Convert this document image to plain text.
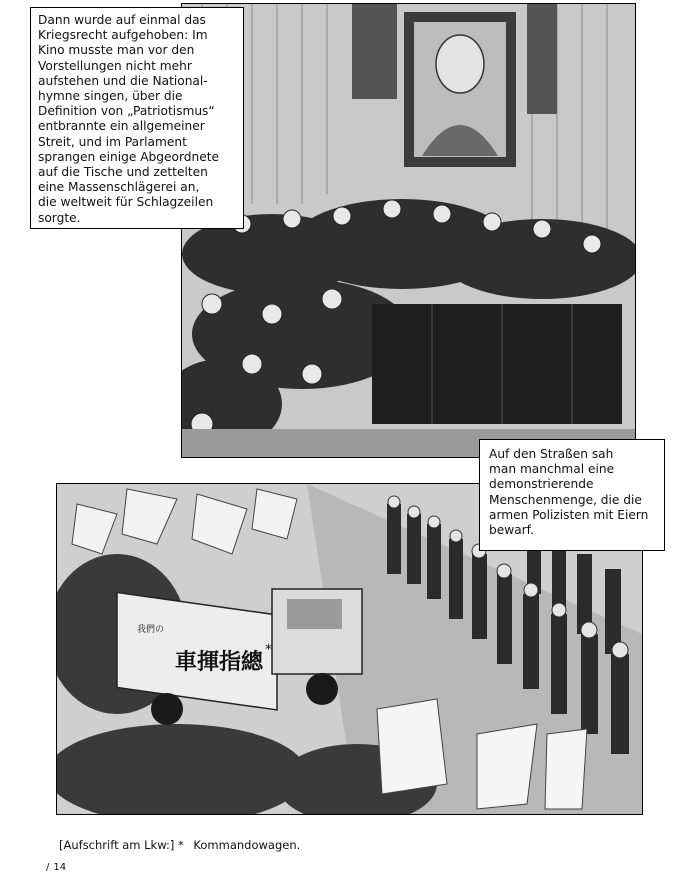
我們の
車揮指總 *
Dann wurde auf einmal das
Kriegsrecht aufgehoben: Im
Kino musste man vor den
Vorstellungen nicht mehr
aufstehen und die National-
hymne singen, über die
Definition von „Patriotismus“
entbrannte ein allgemeiner
Streit, und im Parlament
sprangen einige Abgeordnete
auf die Tische und zettelten
eine Massenschlägerei an,
die weltweit für Schlagzeilen
sorgte.
Auf den Straßen sah
man manchmal eine
demonstrierende
Menschenmenge, die die
armen Polizisten mit Eiern
bewarf.
[Aufschrift am Lkw:] * Kommandowagen.
/ 14
